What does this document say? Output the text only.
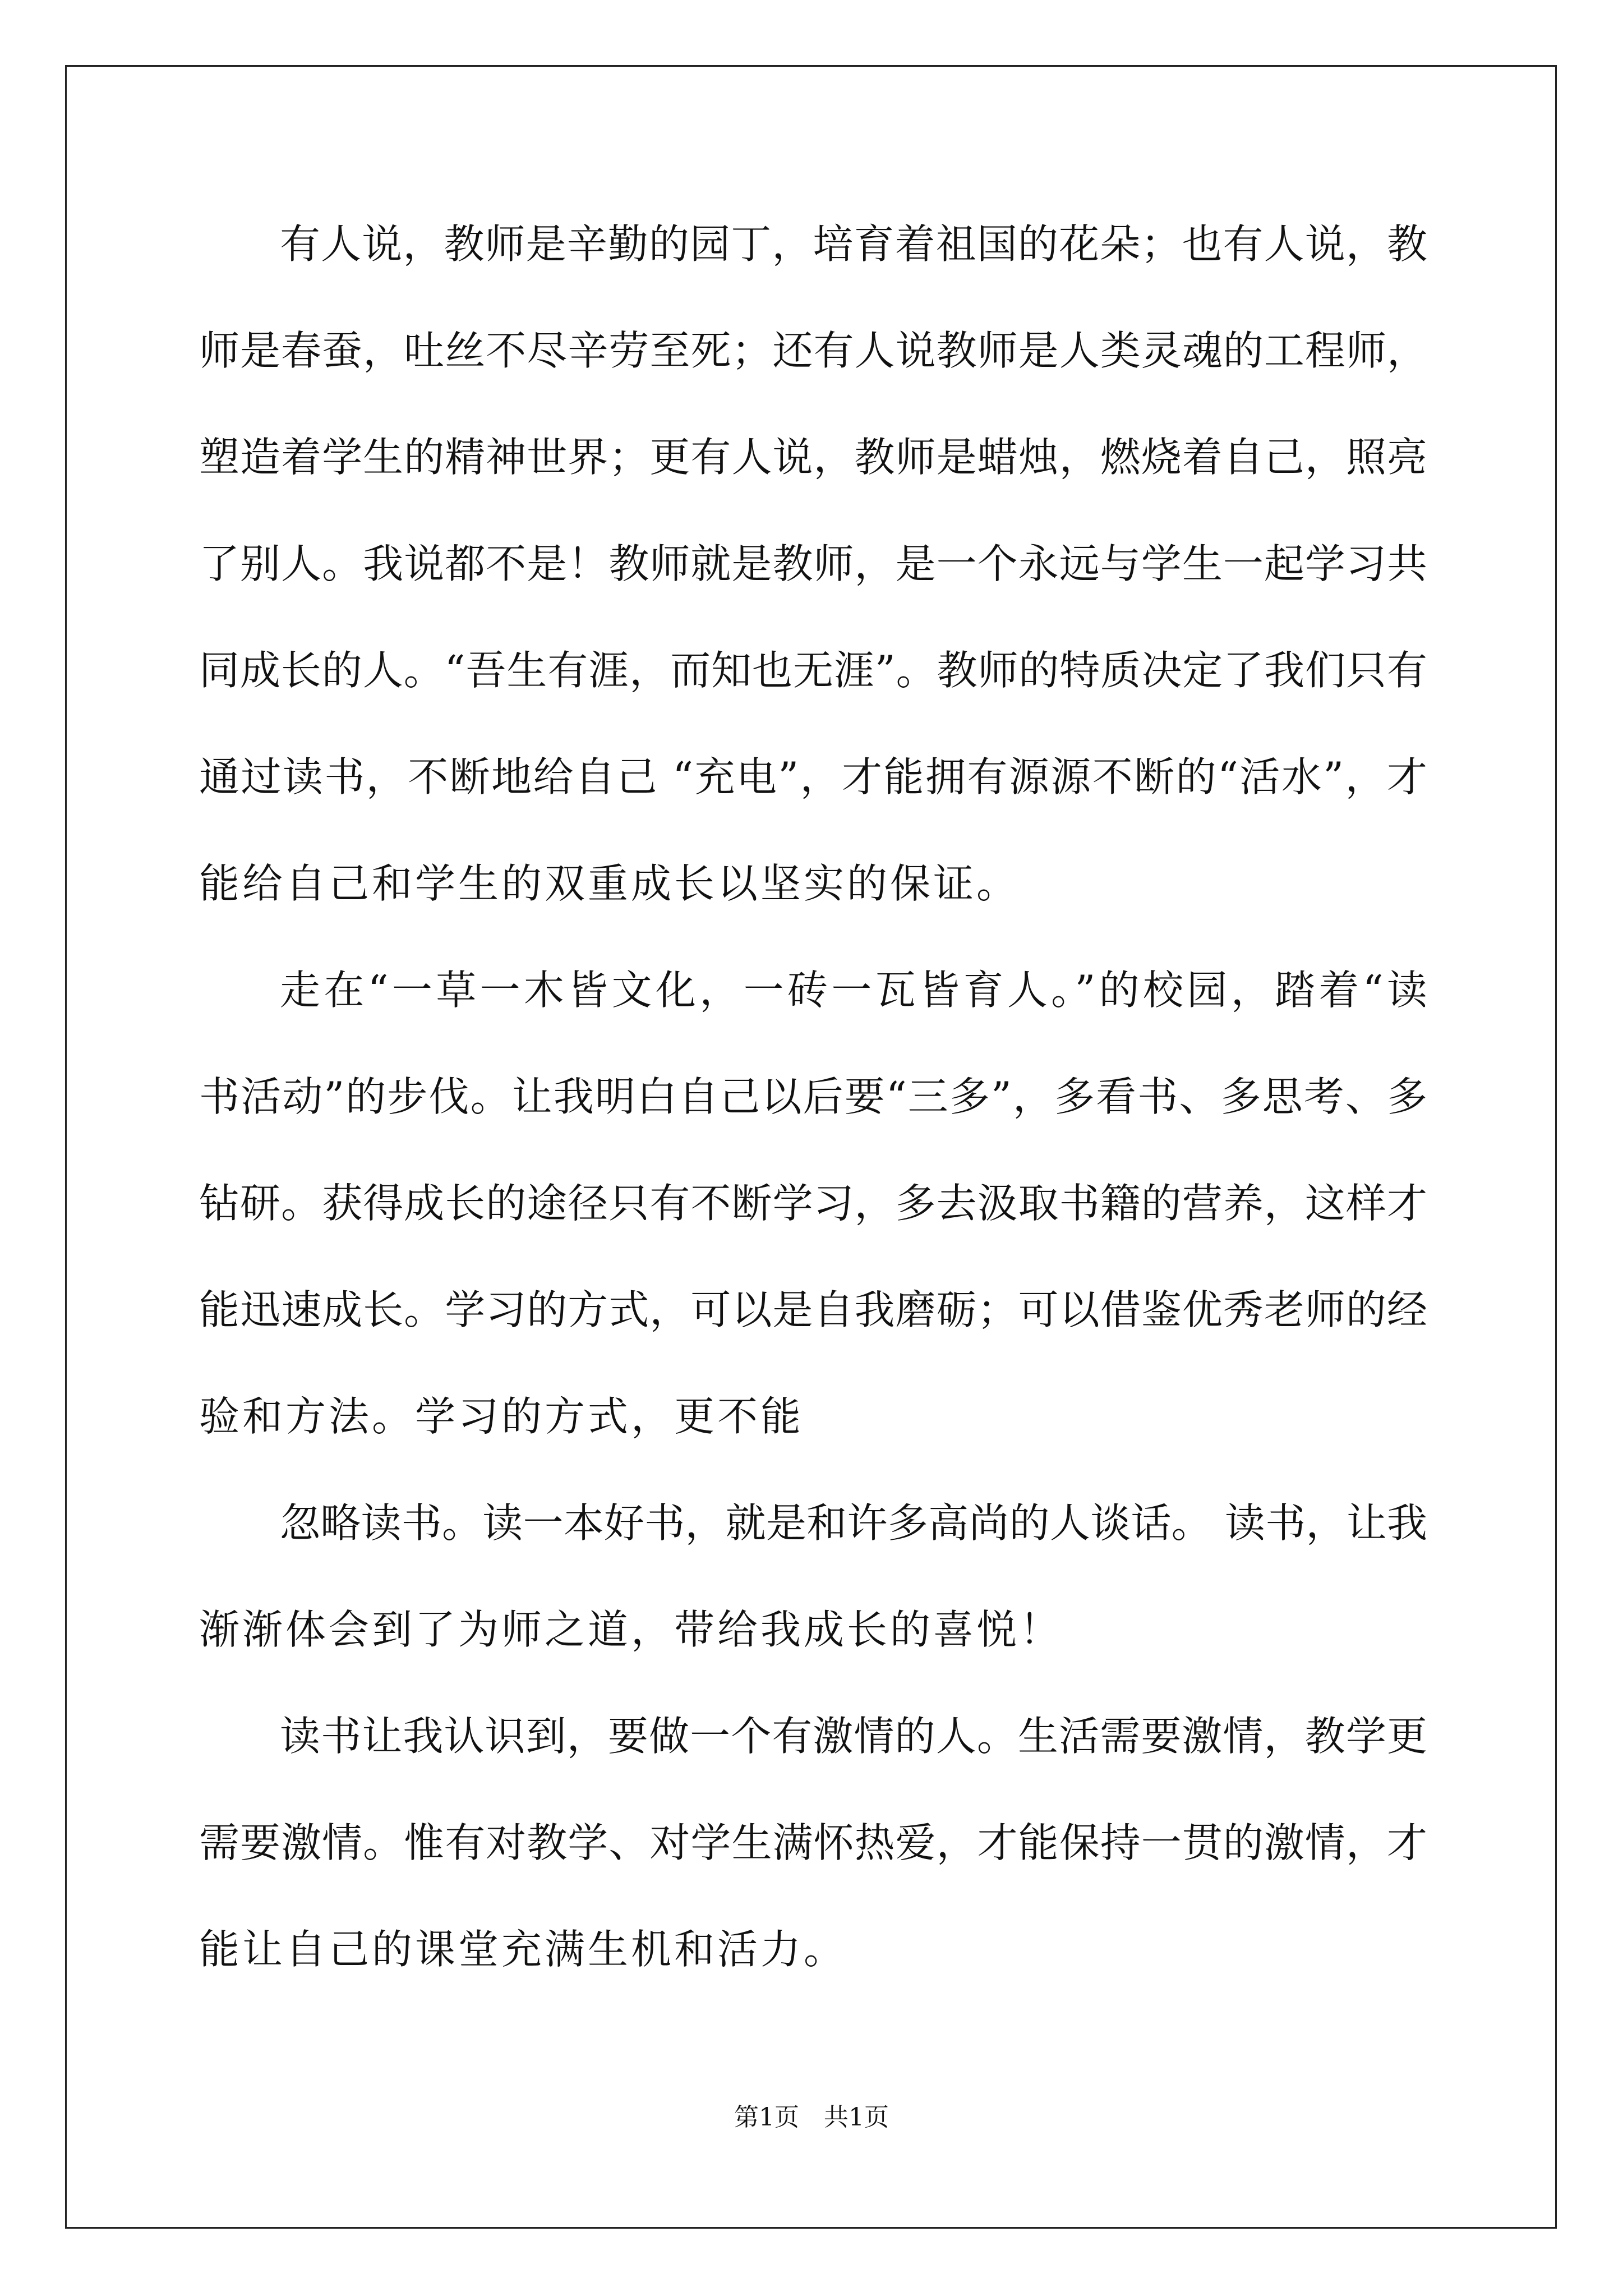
有人说，教师是辛勤的园丁，培育着祖国的花朵；也有人说，教
师是春蚕，吐丝不尽辛劳至死；还有人说教师是人类灵魂的工程师，
塑造着学生的精神世界；更有人说，教师是蜡烛，燃烧着自己，照亮
了别人。我说都不是！教师就是教师，是一个永远与学生一起学习共
同成长的人。“吾生有涯，而知也无涯”。教师的特质决定了我们只有
通过读书，不断地给自己 “充电”，才能拥有源源不断的“活水”，才
能给自己和学生的双重成长以坚实的保证。
走在“一草一木皆文化，一砖一瓦皆育人。”的校园，踏着“读
书活动”的步伐。让我明白自己以后要“三多”，多看书、多思考、多
钻研。获得成长的途径只有不断学习，多去汲取书籍的营养，这样才
能迅速成长。学习的方式，可以是自我磨砺；可以借鉴优秀老师的经
验和方法。学习的方式，更不能
忽略读书。读一本好书，就是和许多高尚的人谈话。 读书，让我
渐渐体会到了为师之道，带给我成长的喜悦！
读书让我认识到，要做一个有激情的人。生活需要激情，教学更
需要激情。惟有对教学、对学生满怀热爱，才能保持一贯的激情，才
能让自己的课堂充满生机和活力。
第1页　共1页
